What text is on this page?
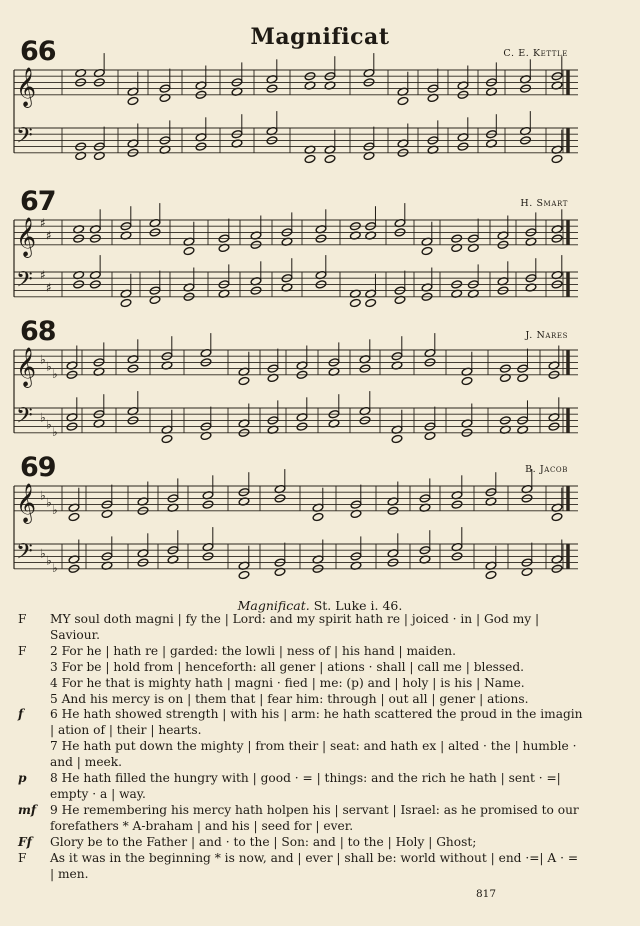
Magnificat
66	C. E. Kettle
𝄞
𝄢
67	H. Smart
𝄞 ♯
♯
𝄢 ♯
♯
68	J. Nares
𝄞 ♭
♭
♭
𝄢 ♭
♭
♭
69	B. Jacob
𝄞 ♭
♭
♭
𝄢 ♭
♭
♭
Magnificat. St. Luke i. 46.
F	MY soul doth magni | fy the | Lord: and my spirit hath re | joiced · in | God my | Saviour.
F	2 For he | hath re | garded: the lowli | ness of | his hand | maiden.
3 For be | hold from | henceforth: all gener | ations · shall | call me | blessed.
4 For he that is mighty hath | magni · fied | me: (p) and | holy | is his | Name.
5 And his mercy is on | them that | fear him: through | out all | gener | ations.
f	6 He hath showed strength | with his | arm: he hath scattered the proud in the imagin | ation of | their | hearts.
7 He hath put down the mighty | from their | seat: and hath ex | alted · the | humble · and | meek.
p	8 He hath filled the hungry with | good · = | things: and the rich he hath | sent · =| empty · a | way.
mf	9 He remembering his mercy hath holpen his | servant | Israel: as he promised to our forefathers * A-braham | and his | seed for | ever.
Ff	Glory be to the Father | and · to the | Son: and | to the | Holy | Ghost;
F	As it was in the beginning * is now, and | ever | shall be: world without | end ·=| A · = | men.
817
